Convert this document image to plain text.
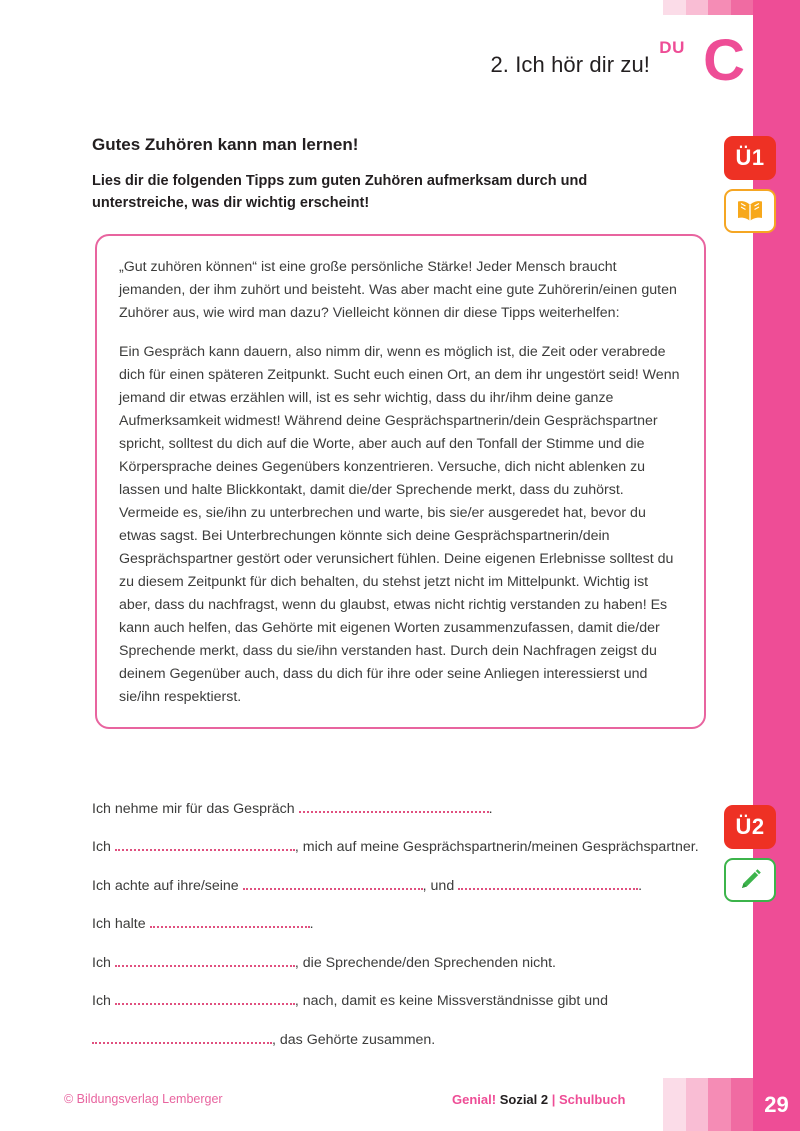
2. Ich hör dir zu!
DU C
Gutes Zuhören kann man lernen!
Lies dir die folgenden Tipps zum guten Zuhören aufmerksam durch und unterstreiche, was dir wichtig erscheint!

„Gut zuhören können“ ist eine große persönliche Stärke! Jeder Mensch braucht jemanden, der ihm zuhört und beisteht. Was aber macht eine gute Zuhörerin/einen guten Zuhörer aus, wie wird man dazu? Vielleicht können dir diese Tipps weiterhelfen:

Ein Gespräch kann dauern, also nimm dir, wenn es möglich ist, die Zeit oder verabrede dich für einen späteren Zeitpunkt. Sucht euch einen Ort, an dem ihr ungestört seid! Wenn jemand dir etwas erzählen will, ist es sehr wichtig, dass du ihr/ihm deine ganze Aufmerksamkeit widmest! Während deine Gesprächspartnerin/dein Gesprächspartner spricht, solltest du dich auf die Worte, aber auch auf den Tonfall der Stimme und die Körpersprache deines Gegenübers konzentrieren. Versuche, dich nicht ablenken zu lassen und halte Blickkontakt, damit die/der Sprechende merkt, dass du zuhörst. Vermeide es, sie/ihn zu unterbrechen und warte, bis sie/er ausgeredet hat, bevor du etwas sagst. Bei Unterbrechungen könnte sich deine Gesprächspartnerin/dein Gesprächspartner gestört oder verunsichert fühlen. Deine eigenen Erlebnisse solltest du zu diesem Zeitpunkt für dich behalten, du stehst jetzt nicht im Mittelpunkt. Wichtig ist aber, dass du nachfragst, wenn du glaubst, etwas nicht richtig verstanden zu haben! Es kann auch helfen, das Gehörte mit eigenen Worten zusammenzufassen, damit die/der Sprechende merkt, dass du sie/ihn verstanden hast. Durch dein Nachfragen zeigst du deinem Gegenüber auch, dass du dich für ihre oder seine Anliegen interessierst und sie/ihn respektierst.

Ich nehme mir für das Gespräch	.
Ich	, mich auf meine Gesprächspartnerin/meinen Gesprächspartner.
Ich achte auf ihre/seine	, und	.
Ich halte	.
Ich	, die Sprechende/den Sprechenden nicht.
Ich	, nach, damit es keine Missverständnisse gibt und
, das Gehörte zusammen.
Ü1
Ü2
© Bildungsverlag Lemberger	Genial! Sozial 2 | Schulbuch	29
